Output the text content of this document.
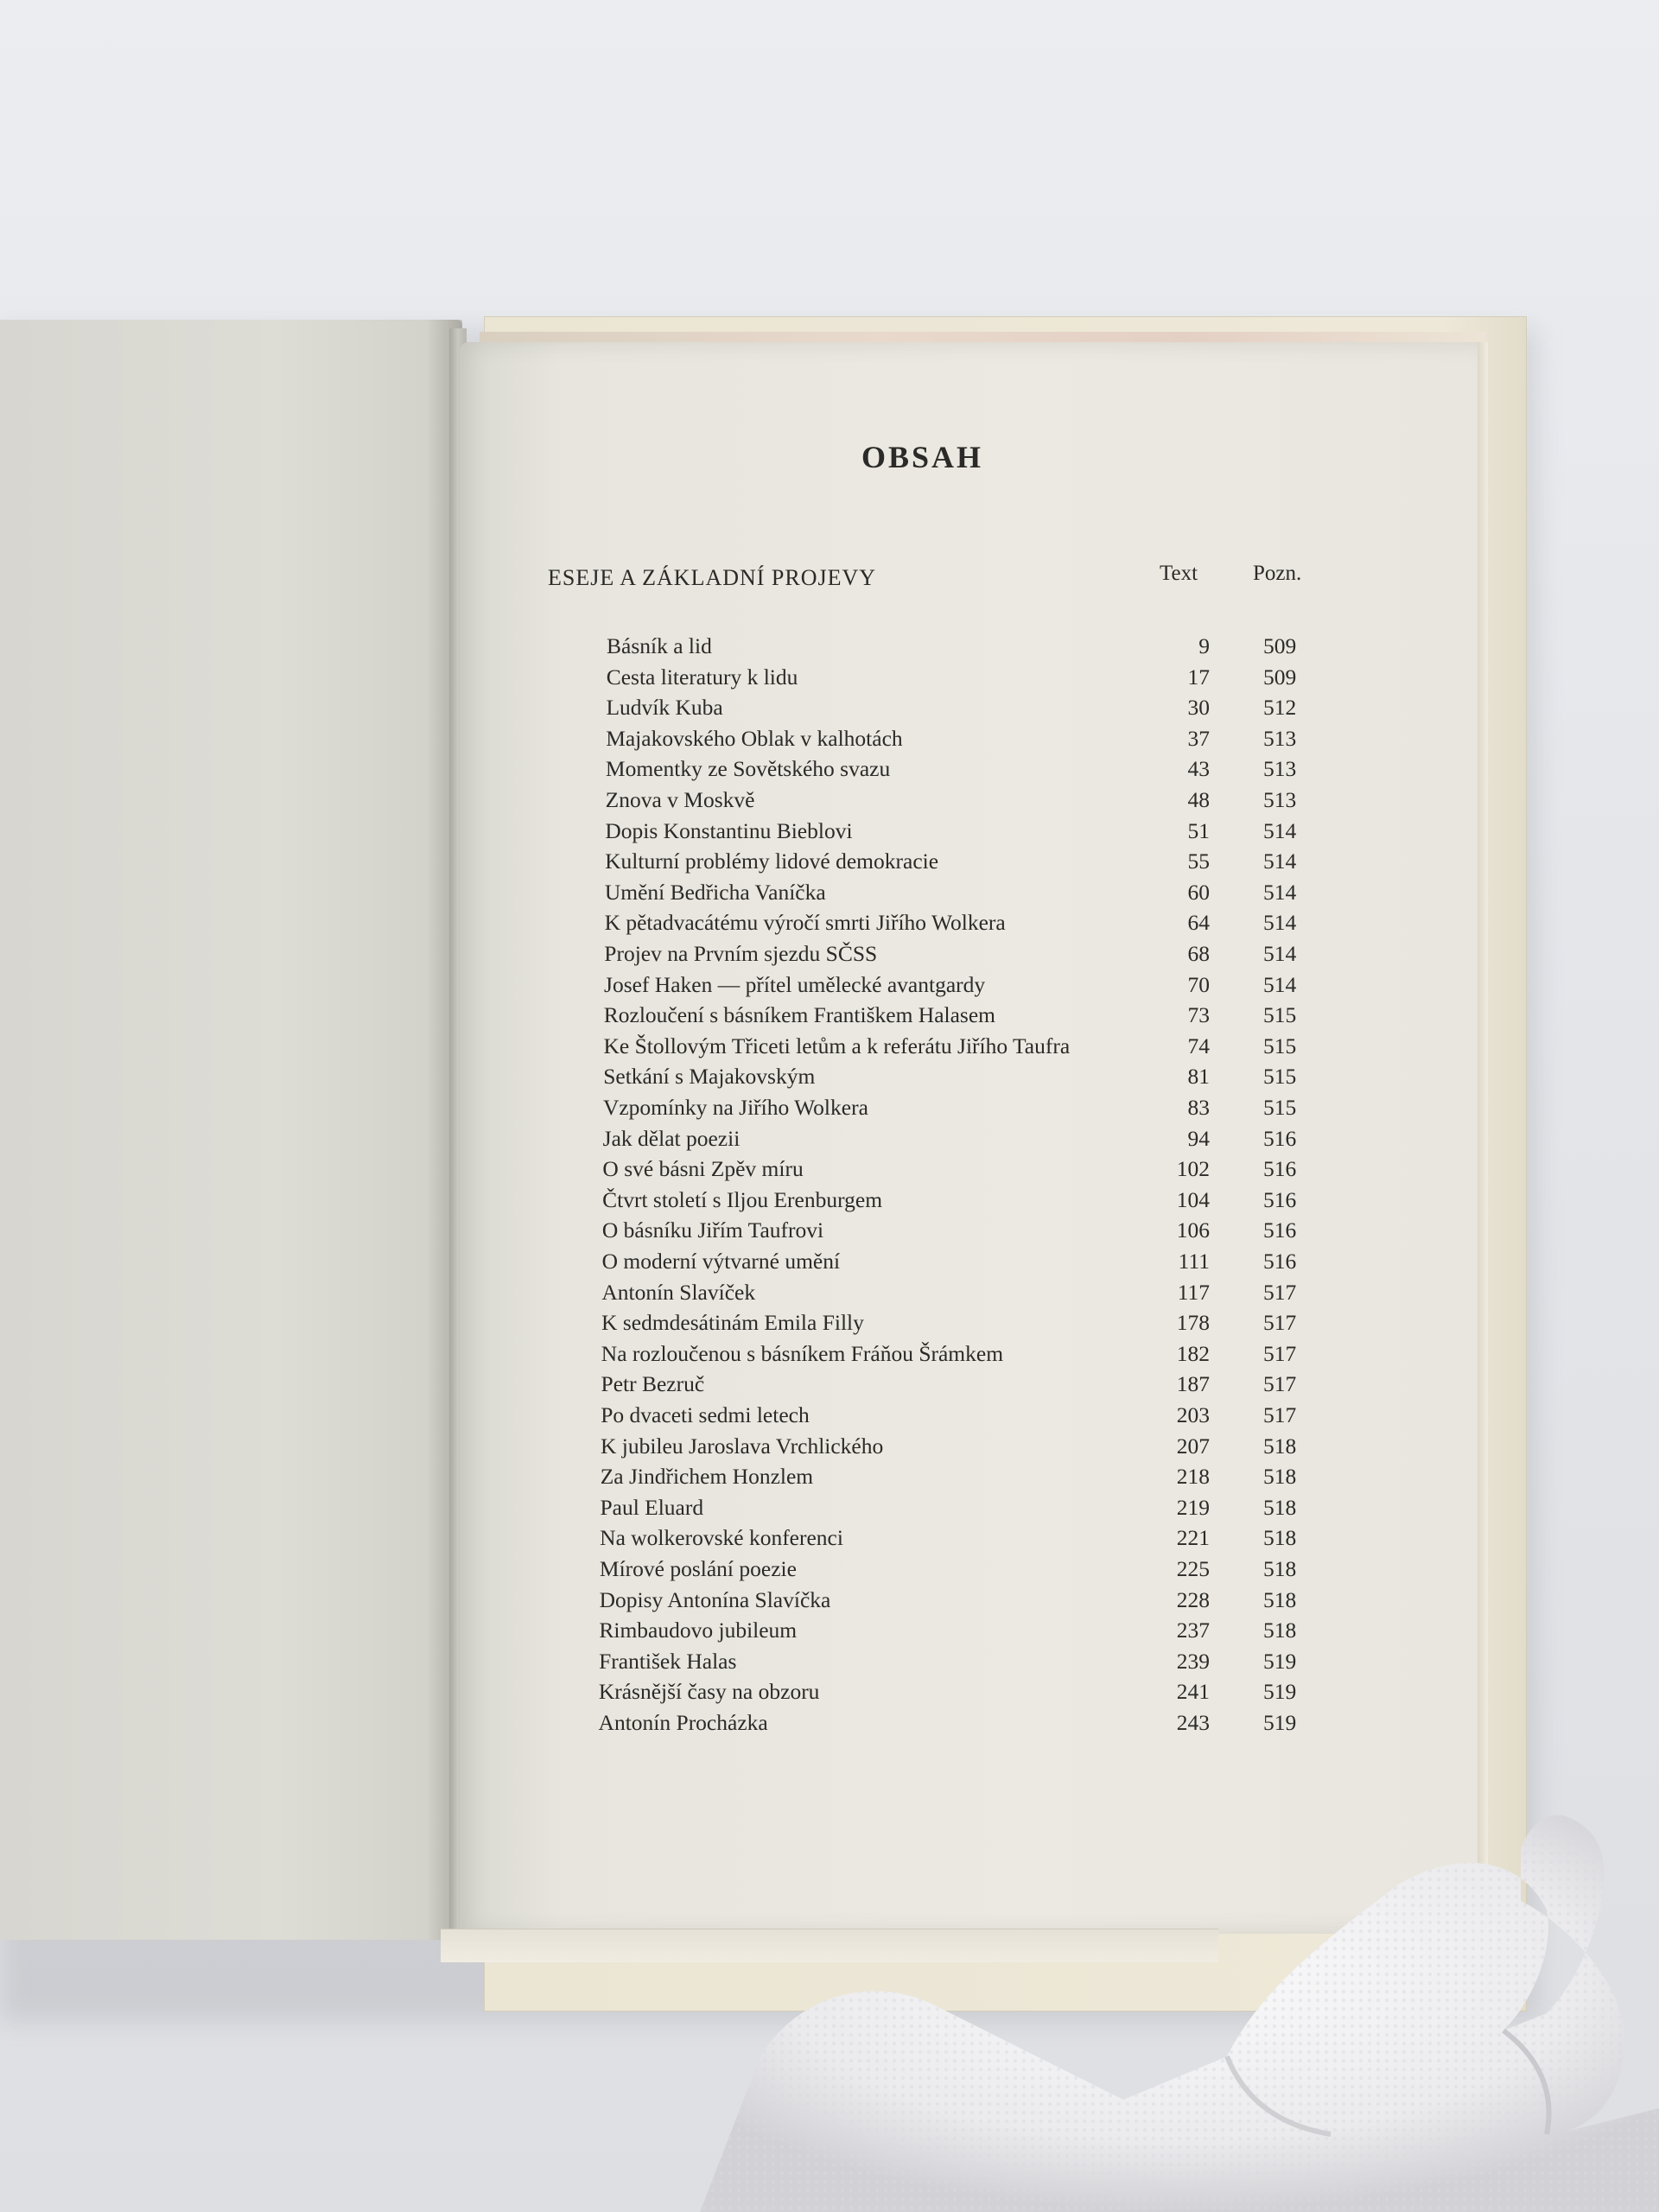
OBSAH
ESEJE A ZÁKLADNÍ PROJEVY	Text	Pozn.
Básník a lid	9 509
Cesta literatury k lidu	17 509
Ludvík Kuba	30 512
Majakovského Oblak v kalhotách	37 513
Momentky ze Sovětského svazu	43 513
Znova v Moskvě	48 513
Dopis Konstantinu Bieblovi	51 514
Kulturní problémy lidové demokracie	55 514
Umění Bedřicha Vaníčka	60 514
K pětadvacátému výročí smrti Jiřího Wolkera	64 514
Projev na Prvním sjezdu SČSS	68 514
Josef Haken — přítel umělecké avantgardy	70 514
Rozloučení s básníkem Františkem Halasem	73 515
Ke Štollovým Třiceti letům a k referátu Jiřího Taufra	74 515
Setkání s Majakovským	81 515
Vzpomínky na Jiřího Wolkera	83 515
Jak dělat poezii	94 516
O své básni Zpěv míru	102 516
Čtvrt století s Iljou Erenburgem	104 516
O básníku Jiřím Taufrovi	106 516
O moderní výtvarné umění	111 516
Antonín Slavíček	117 517
K sedmdesátinám Emila Filly	178 517
Na rozloučenou s básníkem Fráňou Šrámkem	182 517
Petr Bezruč	187 517
Po dvaceti sedmi letech	203 517
K jubileu Jaroslava Vrchlického	207 518
Za Jindřichem Honzlem	218 518
Paul Eluard	219 518
Na wolkerovské konferenci	221 518
Mírové poslání poezie	225 518
Dopisy Antonína Slavíčka	228 518
Rimbaudovo jubileum	237 518
František Halas	239 519
Krásnější časy na obzoru	241 519
Antonín Procházka	243 519
